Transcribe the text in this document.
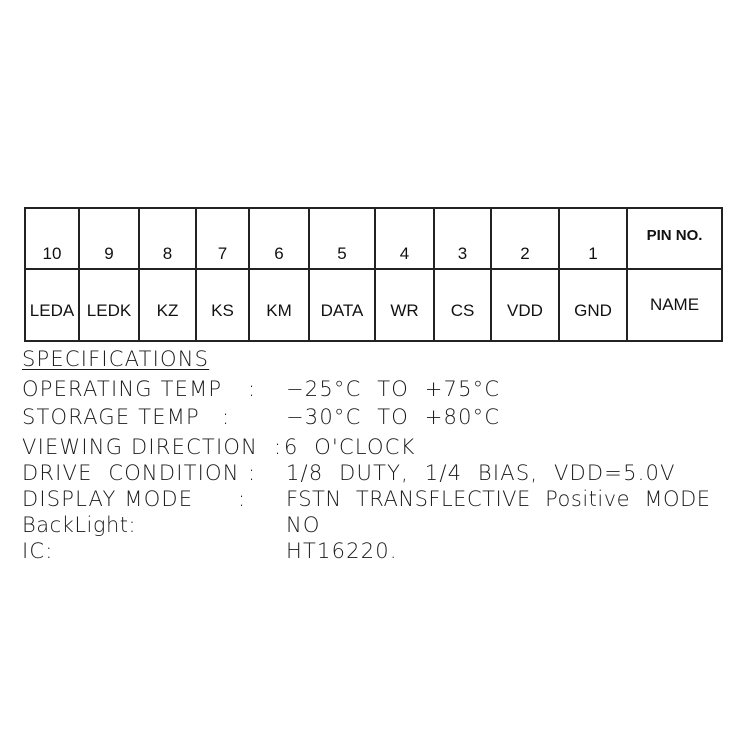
10	9	8	7	6	5	4	3	2	1	PIN NO.
LEDA	LEDK	KZ	KS	KM	DATA	WR	CS	VDD	GND	NAME
SPECIFICATIONS
OPERATING TEMP : −25°C  TO  +75°C
STORAGE TEMP :	−30°C  TO  +80°C
VIEWING DIRECTION : 6  O'CLOCK
DRIVE  CONDITION : 1/8  DUTY,  1/4  BIAS,  VDD=5.0V
DISPLAY MODE : FSTN  TRANSFLECTIVE  Positive  MODE
BackLight:	NO
IC:	HT16220.
